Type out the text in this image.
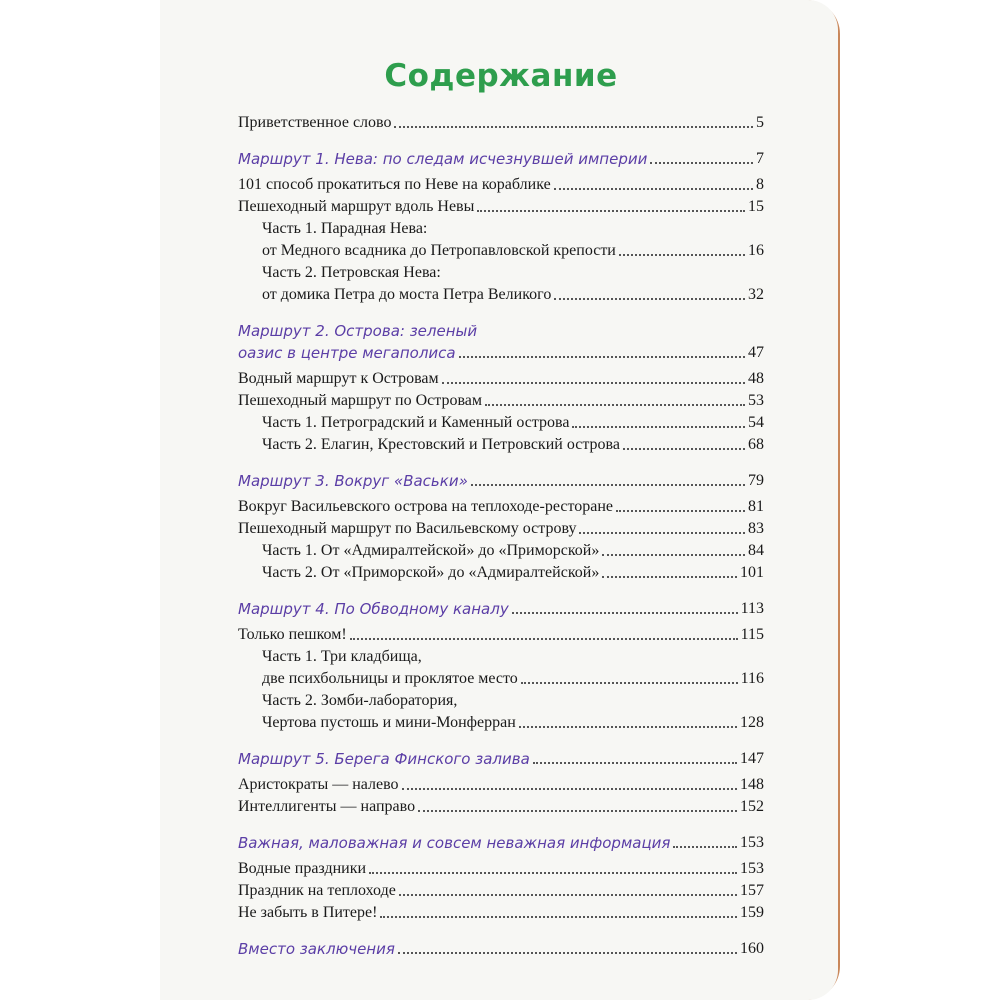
Содержание
Приветственное слово	5
Маршрут 1. Нева: по следам исчезнувшей империи	7
101 способ прокатиться по Неве на кораблике	8
Пешеходный маршрут вдоль Невы	15
Часть 1. Парадная Нева:
от Медного всадника до Петропавловской крепости	16
Часть 2. Петровская Нева:
от домика Петра до моста Петра Великого	32
Маршрут 2. Острова: зеленый
оазис в центре мегаполиса	47
Водный маршрут к Островам	48
Пешеходный маршрут по Островам	53
Часть 1. Петроградский и Каменный острова	54
Часть 2. Елагин, Крестовский и Петровский острова	68
Маршрут 3. Вокруг «Васьки»	79
Вокруг Васильевского острова на теплоходе-ресторане	81
Пешеходный маршрут по Васильевскому острову	83
Часть 1. От «Адмиралтейской» до «Приморской»	84
Часть 2. От «Приморской» до «Адмиралтейской»	101
Маршрут 4. По Обводному каналу	113
Только пешком!	115
Часть 1. Три кладбища,
две психбольницы и проклятое место	116
Часть 2. Зомби-лаборатория,
Чертова пустошь и мини-Монферран	128
Маршрут 5. Берега Финского залива	147
Аристократы — налево	148
Интеллигенты — направо	152
Важная, маловажная и совсем неважная информация	153
Водные праздники	153
Праздник на теплоходе	157
Не забыть в Питере!	159
Вместо заключения	160
